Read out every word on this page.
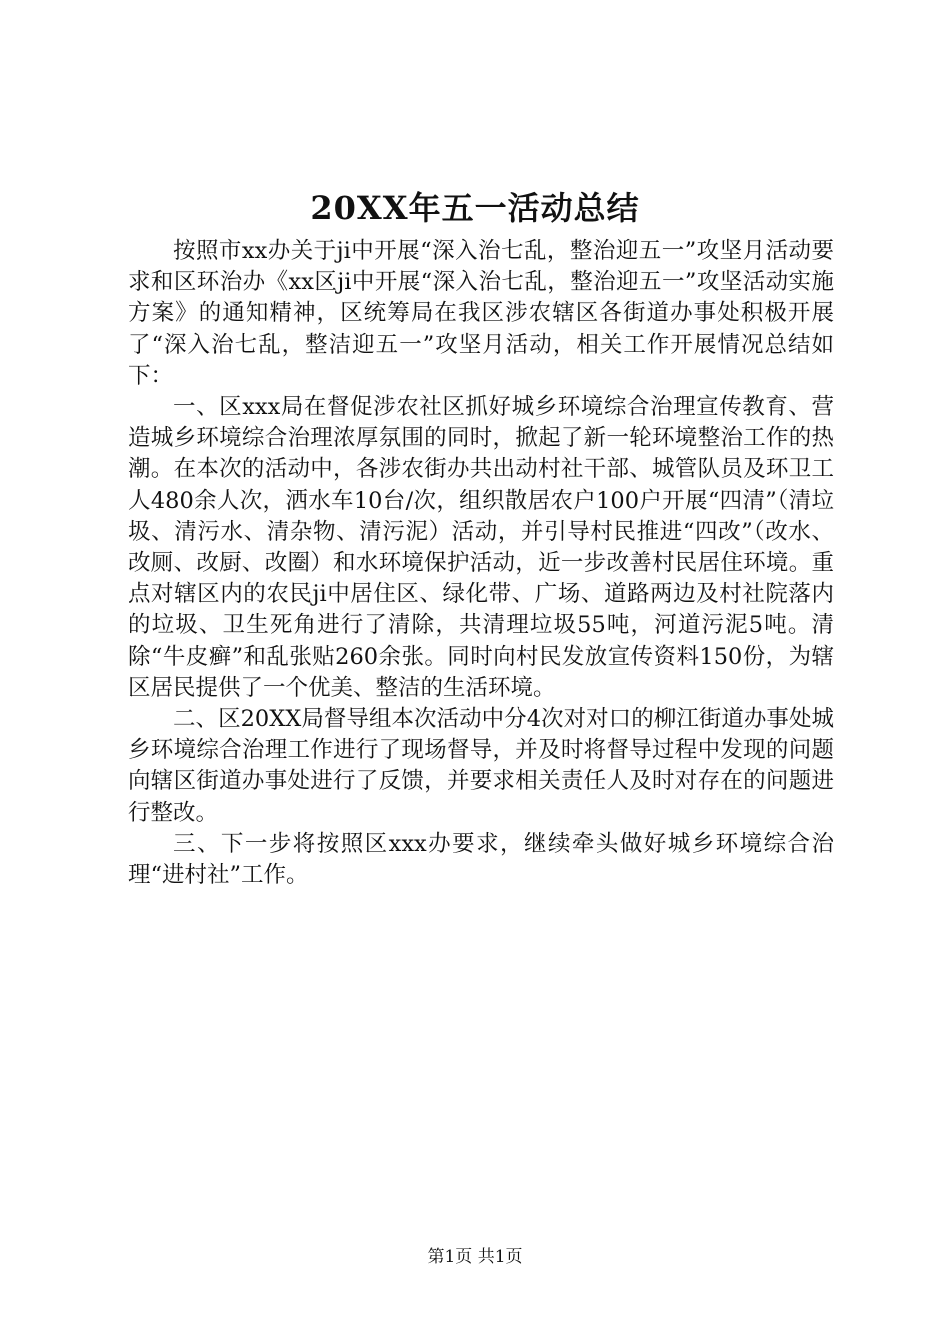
20XX年五一活动总结

按照市xx办关于ji中开展“深入治七乱，整治迎五一”攻坚月活动要求和区环治办《xx区ji中开展“深入治七乱，整治迎五一”攻坚活动实施方案》的通知精神，区统筹局在我区涉农辖区各街道办事处积极开展了“深入治七乱，整洁迎五一”攻坚月活动，相关工作开展情况总结如下：

一、区xxx局在督促涉农社区抓好城乡环境综合治理宣传教育、营造城乡环境综合治理浓厚氛围的同时，掀起了新一轮环境整治工作的热潮。在本次的活动中，各涉农街办共出动村社干部、城管队员及环卫工人480余人次，洒水车10台/次，组织散居农户100户开展“四清”（清垃圾、清污水、清杂物、清污泥）活动，并引导村民推进“四改”（改水、改厕、改厨、改圈）和水环境保护活动，近一步改善村民居住环境。重点对辖区内的农民ji中居住区、绿化带、广场、道路两边及村社院落内的垃圾、卫生死角进行了清除，共清理垃圾55吨，河道污泥5吨。清除“牛皮癣”和乱张贴260余张。同时向村民发放宣传资料150份，为辖区居民提供了一个优美、整洁的生活环境。

二、区20XX局督导组本次活动中分4次对对口的柳江街道办事处城乡环境综合治理工作进行了现场督导，并及时将督导过程中发现的问题向辖区街道办事处进行了反馈，并要求相关责任人及时对存在的问题进行整改。

三、下一步将按照区xxx办要求，继续牵头做好城乡环境综合治理“进村社”工作。

第1页 共1页
